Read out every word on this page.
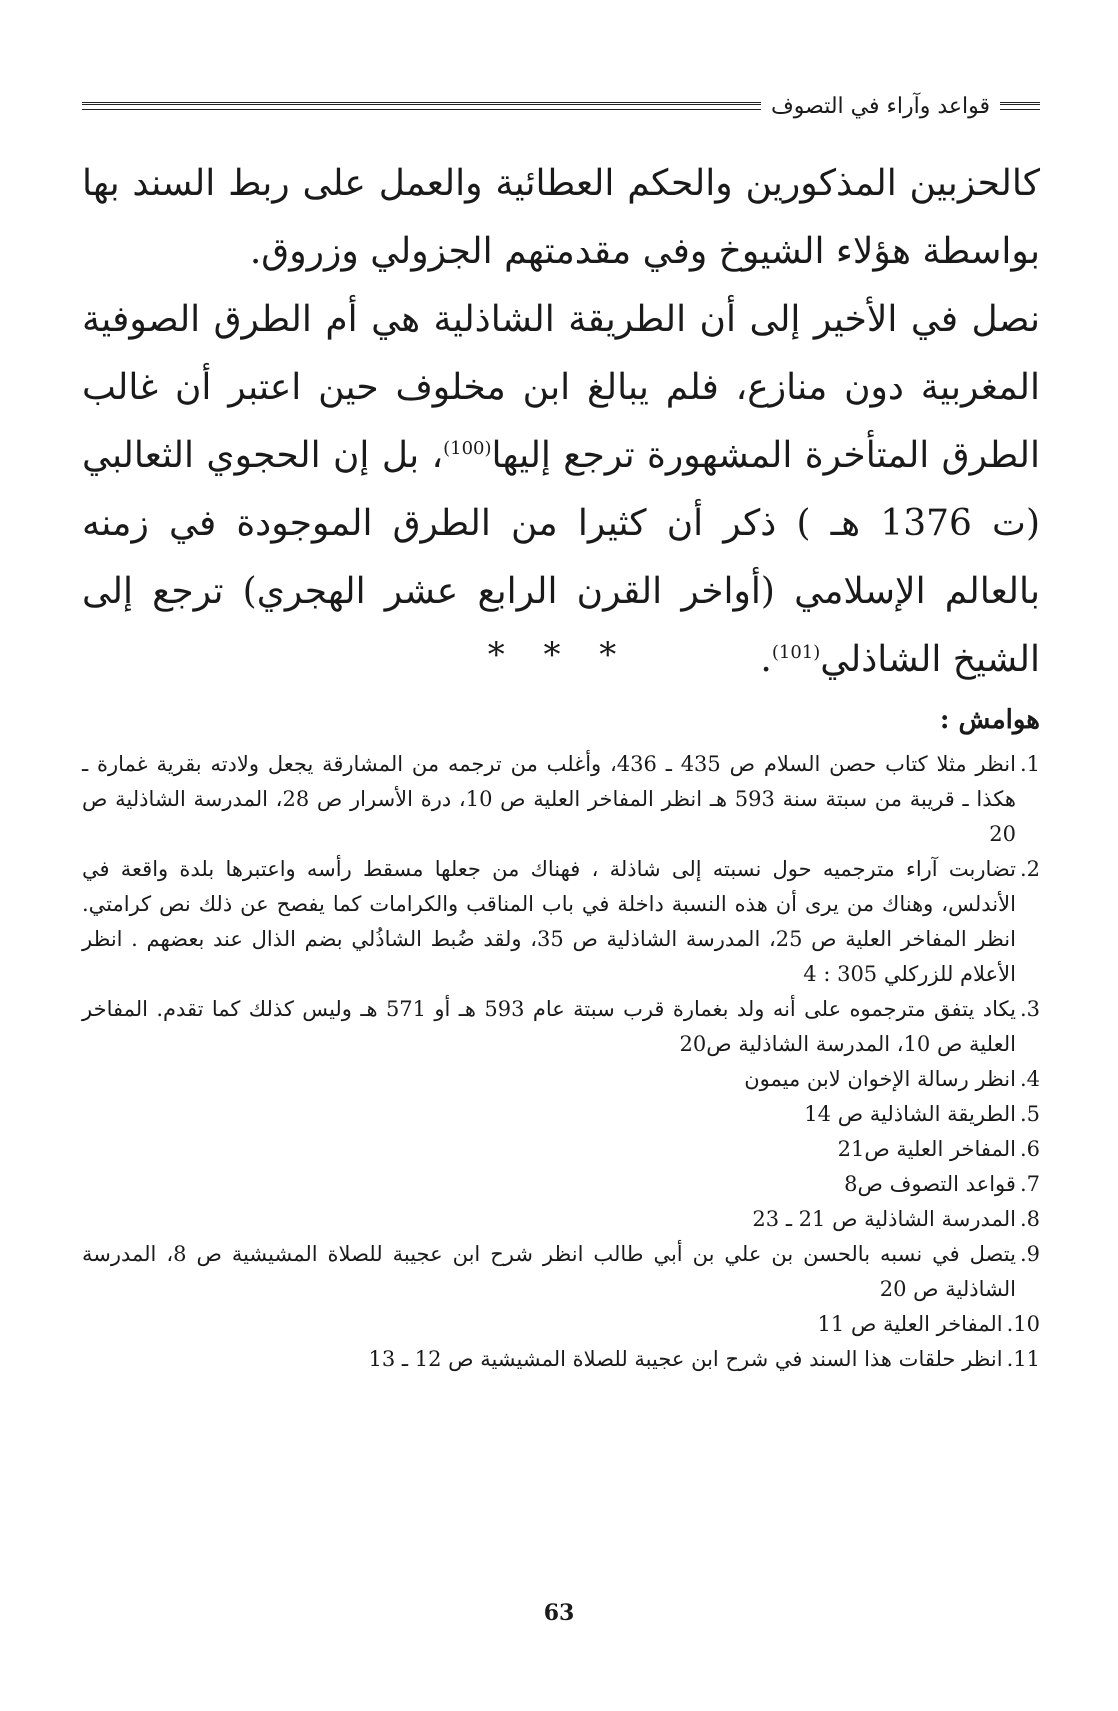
قواعد وآراء في التصوف

كالحزبين المذكورين والحكم العطائية والعمل على ربط السند بها بواسطة هؤلاء الشيوخ وفي مقدمتهم الجزولي وزروق.

نصل في الأخير إلى أن الطريقة الشاذلية هي أم الطرق الصوفية المغربية دون منازع، فلم يبالغ ابن مخلوف حين اعتبر أن غالب الطرق المتأخرة المشهورة ترجع إليها$^{(100)}$، بل إن الحجوي الثعالبي (ت 1376 هـ ) ذكر أن كثيرا من الطرق الموجودة في زمنه بالعالم الإسلامي (أواخر القرن الرابع عشر الهجري) ترجع إلى الشيخ الشاذلي$^{(101)}$.

* * *
هوامش :
1.
انظر مثلا كتاب حصن السلام ص 435 ـ 436، وأغلب من ترجمه من المشارقة يجعل ولادته بقرية غمارة ـ هكذا ـ قريبة من سبتة سنة 593 هـ انظر المفاخر العلية ص 10، درة الأسرار ص 28، المدرسة الشاذلية ص 20
2.
تضاربت آراء مترجميه حول نسبته إلى شاذلة ، فهناك من جعلها مسقط رأسه واعتبرها بلدة واقعة في الأندلس، وهناك من يرى أن هذه النسبة داخلة في باب المناقب والكرامات كما يفصح عن ذلك نص كرامتي. انظر المفاخر العلية ص 25، المدرسة الشاذلية ص 35، ولقد ضُبط الشاذُلي بضم الذال عند بعضهم . انظر الأعلام للزركلي 305 : 4
3.
يكاد يتفق مترجموه على أنه ولد بغمارة قرب سبتة عام 593 هـ أو 571 هـ وليس كذلك كما تقدم. المفاخر العلية ص 10، المدرسة الشاذلية ص20
4.
انظر رسالة الإخوان لابن ميمون
5.
الطريقة الشاذلية ص 14
6.
المفاخر العلية ص21
7.
قواعد التصوف ص8
8.
المدرسة الشاذلية ص 21 ـ 23
9.
يتصل في نسبه بالحسن بن علي بن أبي طالب انظر شرح ابن عجيبة للصلاة المشيشية ص 8، المدرسة الشاذلية ص 20
10.
المفاخر العلية ص 11
11.
انظر حلقات هذا السند في شرح ابن عجيبة للصلاة المشيشية ص 12 ـ 13
63
